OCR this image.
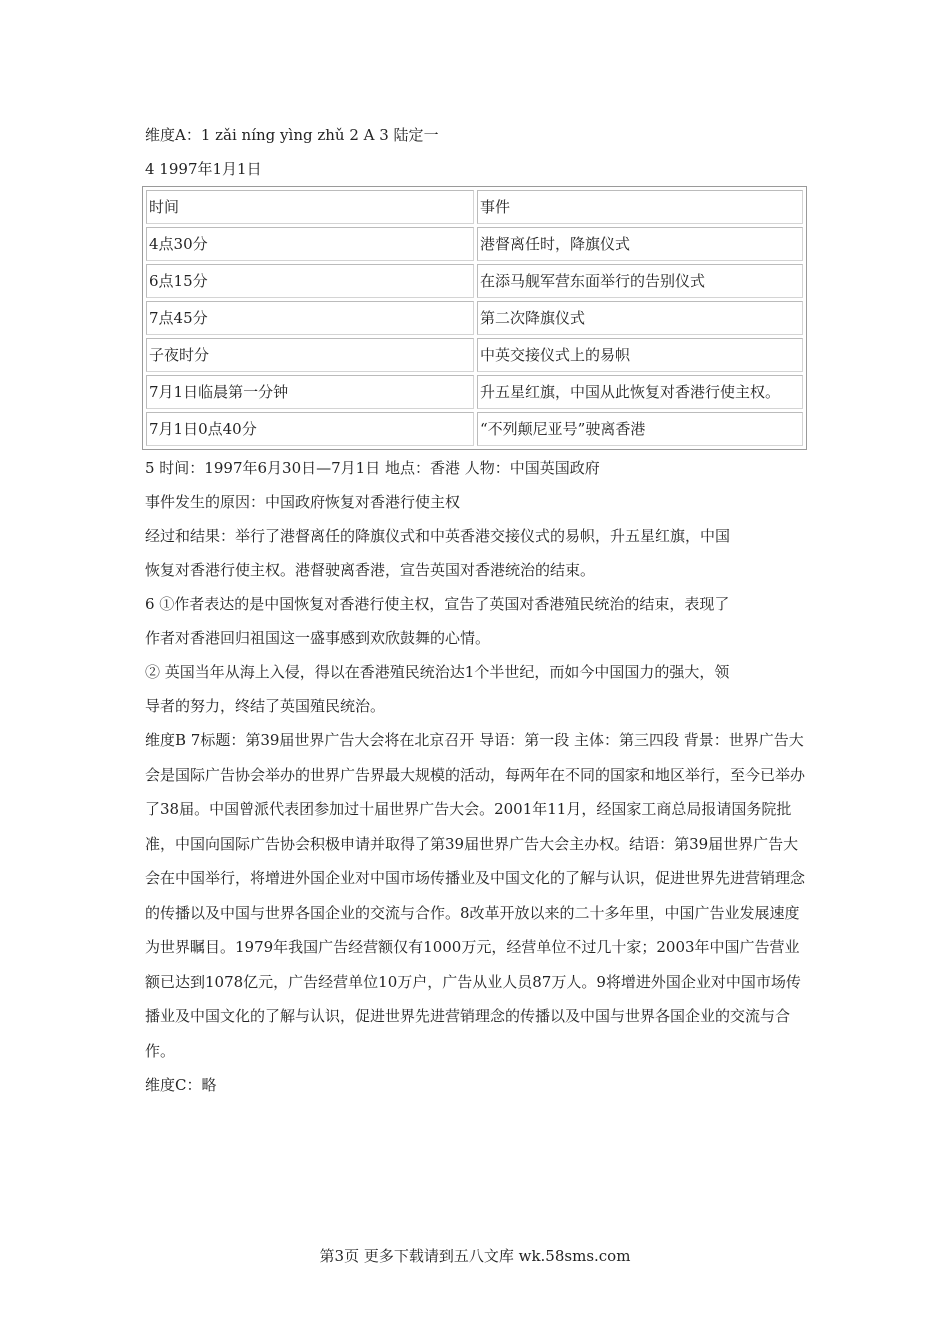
维度A：1 zǎi níng yìng zhǔ 2 A 3 陆定一
4 1997年1月1日
时间	事件
4点30分	港督离任时，降旗仪式
6点15分	在添马舰军营东面举行的告别仪式
7点45分	第二次降旗仪式
子夜时分	中英交接仪式上的易帜
7月1日临晨第一分钟	升五星红旗，中国从此恢复对香港行使主权。
7月1日0点40分	“不列颠尼亚号”驶离香港
5 时间：1997年6月30日—7月1日 地点：香港 人物：中国英国政府
事件发生的原因：中国政府恢复对香港行使主权
经过和结果：举行了港督离任的降旗仪式和中英香港交接仪式的易帜，升五星红旗，中国
恢复对香港行使主权。港督驶离香港，宣告英国对香港统治的结束。
6 ①作者表达的是中国恢复对香港行使主权，宣告了英国对香港殖民统治的结束，表现了
作者对香港回归祖国这一盛事感到欢欣鼓舞的心情。
② 英国当年从海上入侵，得以在香港殖民统治达1个半世纪，而如今中国国力的强大，领
导者的努力，终结了英国殖民统治。
维度B 7标题：第39届世界广告大会将在北京召开 导语：第一段 主体：第三四段 背景：世界广告大会是国际广告协会举办的世界广告界最大规模的活动，每两年在不同的国家和地区举行，至今已举办了38届。中国曾派代表团参加过十届世界广告大会。2001年11月，经国家工商总局报请国务院批准，中国向国际广告协会积极申请并取得了第39届世界广告大会主办权。结语：第39届世界广告大会在中国举行，将增进外国企业对中国市场传播业及中国文化的了解与认识，促进世界先进营销理念的传播以及中国与世界各国企业的交流与合作。8改革开放以来的二十多年里，中国广告业发展速度为世界瞩目。1979年我国广告经营额仅有1000万元，经营单位不过几十家；2003年中国广告营业额已达到1078亿元，广告经营单位10万户，广告从业人员87万人。9将增进外国企业对中国市场传播业及中国文化的了解与认识，促进世界先进营销理念的传播以及中国与世界各国企业的交流与合作。
维度C：略
第3页 更多下载请到五八文库 wk.58sms.com
